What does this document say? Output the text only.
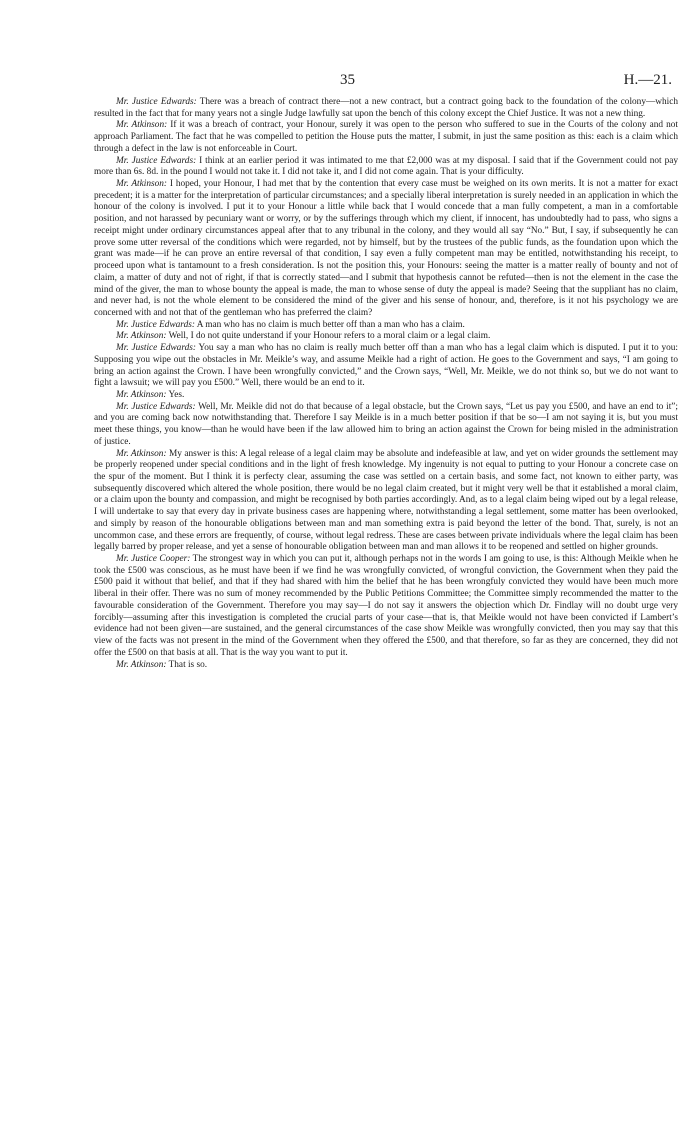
35	H.—21.

Mr. Justice Edwards: There was a breach of contract there—not a new contract, but a contract going back to the foundation of the colony—which resulted in the fact that for many years not a single Judge lawfully sat upon the bench of this colony except the Chief Justice. It was not a new thing.

Mr. Atkinson: If it was a breach of contract, your Honour, surely it was open to the person who suffered to sue in the Courts of the colony and not approach Parliament. The fact that he was compelled to petition the House puts the matter, I submit, in just the same position as this: each is a claim which through a defect in the law is not enforceable in Court.

Mr. Justice Edwards: I think at an earlier period it was intimated to me that £2,000 was at my disposal. I said that if the Government could not pay more than 6s. 8d. in the pound I would not take it. I did not take it, and I did not come again. That is your difficulty.

Mr. Atkinson: I hoped, your Honour, I had met that by the contention that every case must be weighed on its own merits. It is not a matter for exact precedent; it is a matter for the interpretation of particular circumstances; and a specially liberal interpretation is surely needed in an application in which the honour of the colony is involved. I put it to your Honour a little while back that I would concede that a man fully competent, a man in a comfortable position, and not harassed by pecuniary want or worry, or by the sufferings through which my client, if innocent, has undoubtedly had to pass, who signs a receipt might under ordinary circumstances appeal after that to any tribunal in the colony, and they would all say “No.” But, I say, if subsequently he can prove some utter reversal of the conditions which were regarded, not by himself, but by the trustees of the public funds, as the foundation upon which the grant was made—if he can prove an entire reversal of that condition, I say even a fully competent man may be entitled, notwithstanding his receipt, to proceed upon what is tantamount to a fresh consideration. Is not the position this, your Honours: seeing the matter is a matter really of bounty and not of claim, a matter of duty and not of right, if that is correctly stated—and I submit that hypothesis cannot be refuted—then is not the element in the case the mind of the giver, the man to whose bounty the appeal is made, the man to whose sense of duty the appeal is made? Seeing that the suppliant has no claim, and never had, is not the whole element to be considered the mind of the giver and his sense of honour, and, therefore, is it not his psychology we are concerned with and not that of the gentleman who has preferred the claim?

Mr. Justice Edwards: A man who has no claim is much better off than a man who has a claim.

Mr. Atkinson: Well, I do not quite understand if your Honour refers to a moral claim or a legal claim.

Mr. Justice Edwards: You say a man who has no claim is really much better off than a man who has a legal claim which is disputed. I put it to you: Supposing you wipe out the obstacles in Mr. Meikle’s way, and assume Meikle had a right of action. He goes to the Government and says, “I am going to bring an action against the Crown. I have been wrongfully convicted,” and the Crown says, “Well, Mr. Meikle, we do not think so, but we do not want to fight a lawsuit; we will pay you £500.” Well, there would be an end to it.

Mr. Atkinson: Yes.

Mr. Justice Edwards: Well, Mr. Meikle did not do that because of a legal obstacle, but the Crown says, “Let us pay you £500, and have an end to it”; and you are coming back now notwithstanding that. Therefore I say Meikle is in a much better position if that be so—I am not saying it is, but you must meet these things, you know—than he would have been if the law allowed him to bring an action against the Crown for being misled in the administration of justice.

Mr. Atkinson: My answer is this: A legal release of a legal claim may be absolute and indefeasible at law, and yet on wider grounds the settlement may be properly reopened under special conditions and in the light of fresh knowledge. My ingenuity is not equal to putting to your Honour a concrete case on the spur of the moment. But I think it is perfecty clear, assuming the case was settled on a certain basis, and some fact, not known to either party, was subsequently discovered which altered the whole position, there would be no legal claim created, but it might very well be that it established a moral claim, or a claim upon the bounty and compassion, and might be recognised by both parties accordingly. And, as to a legal claim being wiped out by a legal release, I will undertake to say that every day in private business cases are happening where, notwithstanding a legal settlement, some matter has been overlooked, and simply by reason of the honourable obligations between man and man something extra is paid beyond the letter of the bond. That, surely, is not an uncommon case, and these errors are frequently, of course, without legal redress. These are cases between private individuals where the legal claim has been legally barred by proper release, and yet a sense of honourable obligation between man and man allows it to be reopened and settled on higher grounds.

Mr. Justice Cooper: The strongest way in which you can put it, although perhaps not in the words I am going to use, is this: Although Meikle when he took the £500 was conscious, as he must have been if we find he was wrongfully convicted, of wrongful conviction, the Government when they paid the £500 paid it without that belief, and that if they had shared with him the belief that he has been wrongfuly convicted they would have been much more liberal in their offer. There was no sum of money recommended by the Public Petitions Committee; the Committee simply recommended the matter to the favourable consideration of the Government. Therefore you may say—I do not say it answers the objection which Dr. Findlay will no doubt urge very forcibly—assuming after this investigation is completed the crucial parts of your case—that is, that Meikle would not have been convicted if Lambert’s evidence had not been given—are sustained, and the general circumstances of the case show Meikle was wrongfully convicted, then you may say that this view of the facts was not present in the mind of the Government when they offered the £500, and that therefore, so far as they are concerned, they did not offer the £500 on that basis at all. That is the way you want to put it.

Mr. Atkinson: That is so.
